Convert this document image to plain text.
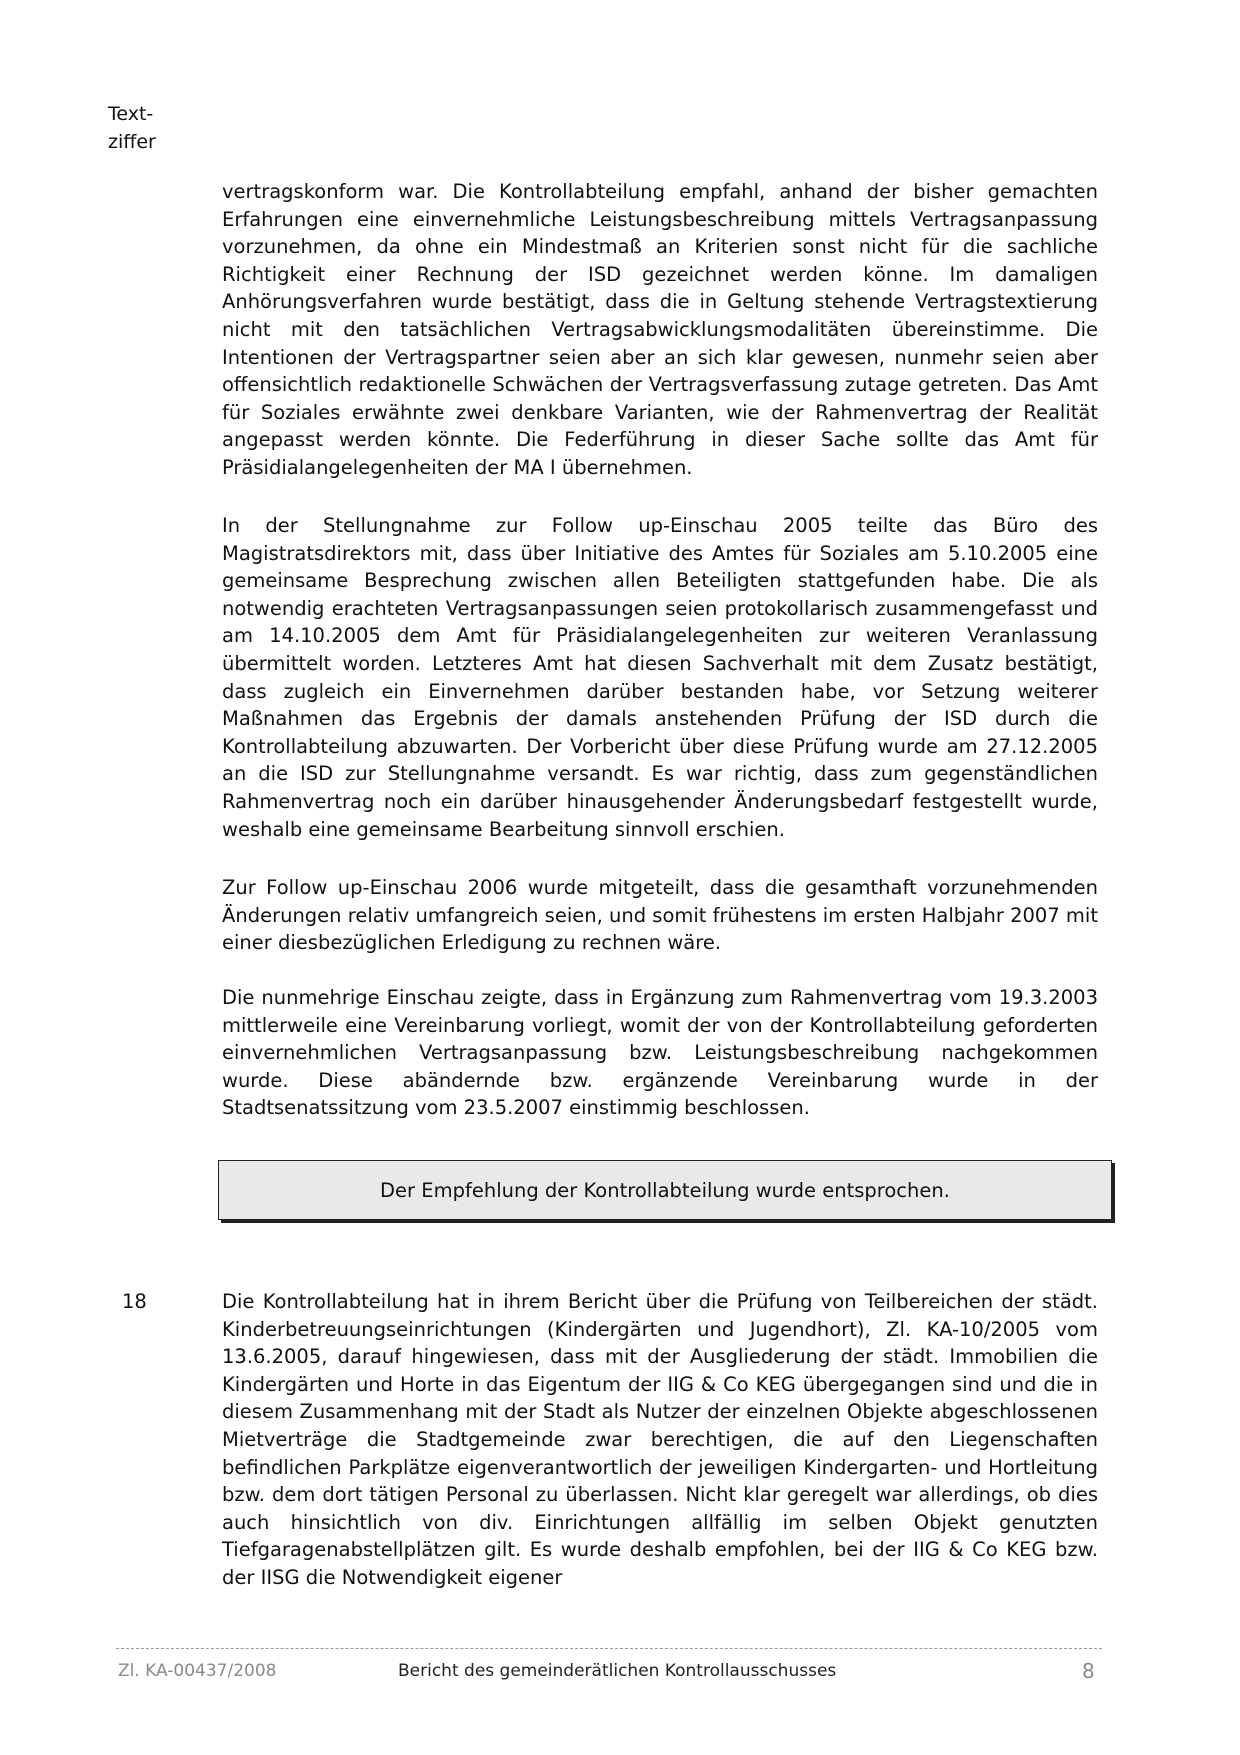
Text-
ziffer

vertragskonform war. Die Kontrollabteilung empfahl, anhand der bisher gemachten Erfahrungen eine einvernehmliche Leistungsbeschreibung mittels Vertragsanpassung vorzunehmen, da ohne ein Mindestmaß an Kriterien sonst nicht für die sachliche Richtigkeit einer Rechnung der ISD gezeichnet werden könne. Im damaligen Anhörungsverfahren wurde bestätigt, dass die in Geltung stehende Vertragstextierung nicht mit den tatsächlichen Vertragsabwicklungsmodalitäten übereinstimme. Die Intentionen der Vertragspartner seien aber an sich klar gewesen, nunmehr seien aber offensichtlich redaktionelle Schwächen der Vertragsverfassung zutage getreten. Das Amt für Soziales erwähnte zwei denkbare Varianten, wie der Rahmenvertrag der Realität angepasst werden könnte. Die Federführung in dieser Sache sollte das Amt für Präsidialangelegenheiten der MA I übernehmen.

In der Stellungnahme zur Follow up-Einschau 2005 teilte das Büro des Magistratsdirektors mit, dass über Initiative des Amtes für Soziales am 5.10.2005 eine gemeinsame Besprechung zwischen allen Beteiligten stattgefunden habe. Die als notwendig erachteten Vertragsanpassungen seien protokollarisch zusammengefasst und am 14.10.2005 dem Amt für Präsidialangelegenheiten zur weiteren Veranlassung übermittelt worden. Letzteres Amt hat diesen Sachverhalt mit dem Zusatz bestätigt, dass zugleich ein Einvernehmen darüber bestanden habe, vor Setzung weiterer Maßnahmen das Ergebnis der damals anstehenden Prüfung der ISD durch die Kontrollabteilung abzuwarten. Der Vorbericht über diese Prüfung wurde am 27.12.2005 an die ISD zur Stellungnahme versandt. Es war richtig, dass zum gegenständlichen Rahmenvertrag noch ein darüber hinausgehender Änderungsbedarf festgestellt wurde, weshalb eine gemeinsame Bearbeitung sinnvoll erschien.

Zur Follow up-Einschau 2006 wurde mitgeteilt, dass die gesamthaft vorzunehmenden Änderungen relativ umfangreich seien, und somit frühestens im ersten Halbjahr 2007 mit einer diesbezüglichen Erledigung zu rechnen wäre.

Die nunmehrige Einschau zeigte, dass in Ergänzung zum Rahmenvertrag vom 19.3.2003 mittlerweile eine Vereinbarung vorliegt, womit der von der Kontrollabteilung geforderten einvernehmlichen Vertragsanpassung bzw. Leistungsbeschreibung nachgekommen wurde. Diese abändernde bzw. ergänzende Vereinbarung wurde in der Stadtsenatssitzung vom 23.5.2007 einstimmig beschlossen.

Der Empfehlung der Kontrollabteilung wurde entsprochen.
18	Die Kontrollabteilung hat in ihrem Bericht über die Prüfung von Teilbereichen der städt. Kinderbetreuungseinrichtungen (Kindergärten und Jugendhort), Zl. KA-10/2005 vom 13.6.2005, darauf hingewiesen, dass mit der Ausgliederung der städt. Immobilien die Kindergärten und Horte in das Eigentum der IIG & Co KEG übergegangen sind und die in diesem Zusammenhang mit der Stadt als Nutzer der einzelnen Objekte abgeschlossenen Mietverträge die Stadtgemeinde zwar berechtigen, die auf den Liegenschaften befindlichen Parkplätze eigenverantwortlich der jeweiligen Kindergarten- und Hortleitung bzw. dem dort tätigen Personal zu überlassen. Nicht klar geregelt war allerdings, ob dies auch hinsichtlich von div. Einrichtungen allfällig im selben Objekt genutzten Tiefgaragenabstellplätzen gilt. Es wurde deshalb empfohlen, bei der IIG & Co KEG bzw. der IISG die Notwendigkeit eigener

Zl. KA-00437/2008	Bericht des gemeinderätlichen Kontrollausschusses	8
